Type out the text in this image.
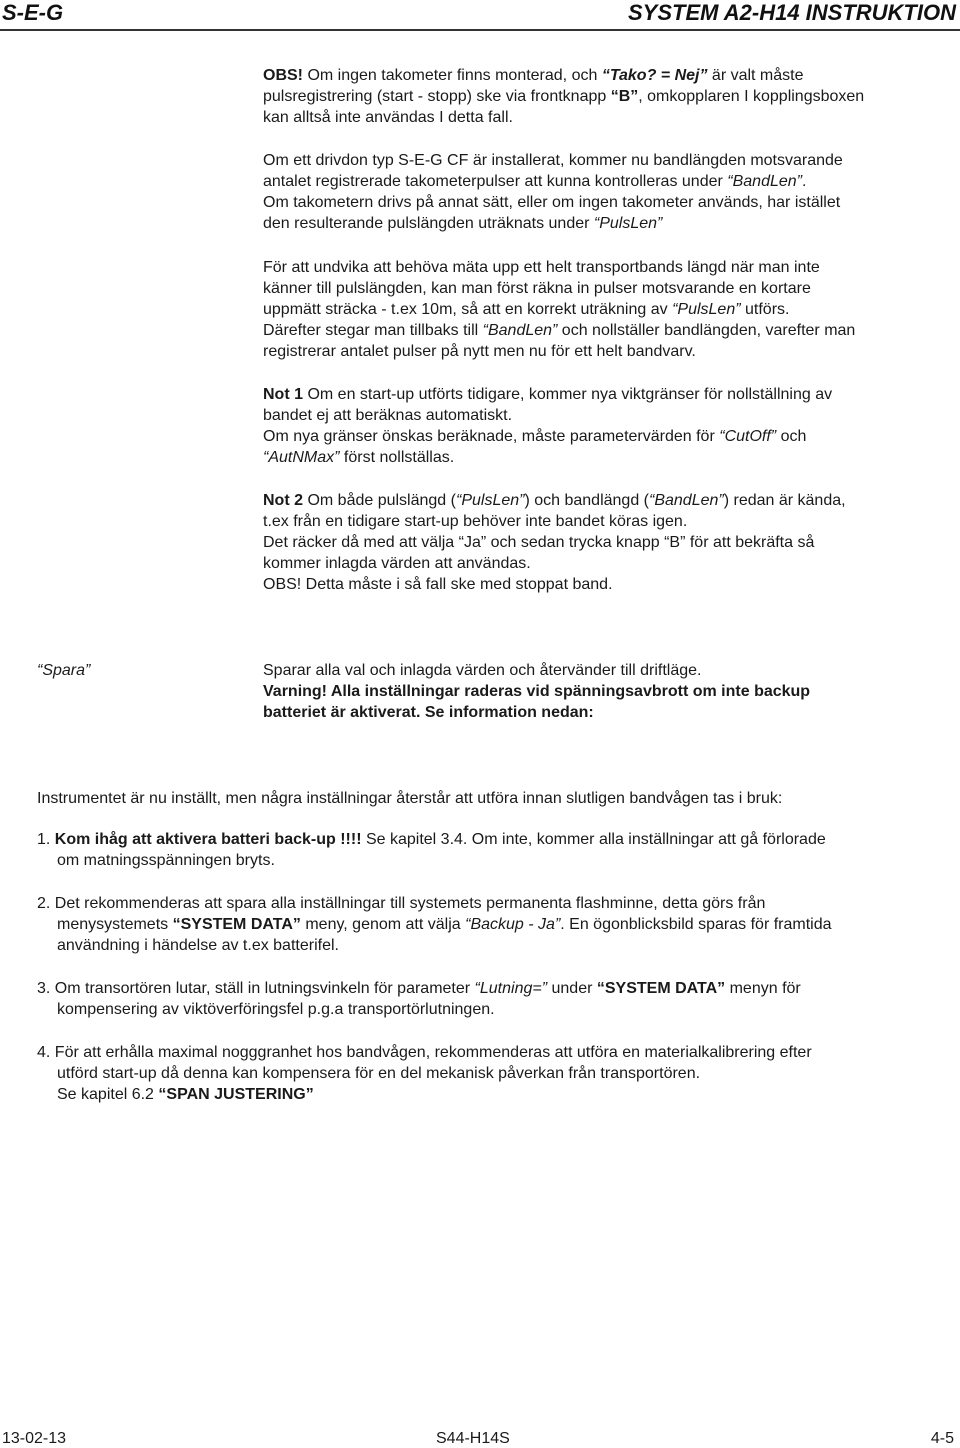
S-E-G	SYSTEM A2-H14 INSTRUKTION
OBS! Om ingen takometer finns monterad, och “Tako? = Nej” är valt måste
pulsregistrering (start - stopp) ske via frontknapp “B”, omkopplaren I kopplingsboxen
kan alltså inte användas I detta fall.
Om ett drivdon typ S-E-G CF är installerat, kommer nu bandlängden motsvarande
antalet registrerade takometerpulser att kunna kontrolleras under “BandLen”.
Om takometern drivs på annat sätt, eller om ingen takometer används, har istället
den resulterande pulslängden uträknats under “PulsLen”
För att undvika att behöva mäta upp ett helt transportbands längd när man inte
känner till pulslängden, kan man först räkna in pulser motsvarande en kortare
uppmätt sträcka - t.ex 10m, så att en korrekt uträkning av “PulsLen” utförs.
Därefter stegar man tillbaks till “BandLen” och nollställer bandlängden, varefter man
registrerar antalet pulser på nytt men nu för ett helt bandvarv.
Not 1 Om en start-up utförts tidigare, kommer nya viktgränser för nollställning av
bandet ej att beräknas automatiskt.
Om nya gränser önskas beräknade, måste parametervärden för “CutOff” och
“AutNMax” först nollställas.
Not 2 Om både pulslängd (“PulsLen”) och bandlängd (“BandLen”) redan är kända,
t.ex från en tidigare start-up behöver inte bandet köras igen.
Det räcker då med att välja “Ja” och sedan trycka knapp “B” för att bekräfta så
kommer inlagda värden att användas.
OBS! Detta måste i så fall ske med stoppat band.
“Spara”	Sparar alla val och inlagda värden och återvänder till driftläge.
Varning! Alla inställningar raderas vid spänningsavbrott om inte backup
batteriet är aktiverat. Se information nedan:
Instrumentet är nu inställt, men några inställningar återstår att utföra innan slutligen bandvågen tas i bruk:
1. Kom ihåg att aktivera batteri back-up !!!! Se kapitel 3.4. Om inte, kommer alla inställningar att gå förlorade
om matningsspänningen bryts.
2. Det rekommenderas att spara alla inställningar till systemets permanenta flashminne, detta görs från
menysystemets “SYSTEM DATA” meny, genom att välja “Backup - Ja”. En ögonblicksbild sparas för framtida
användning i händelse av t.ex batterifel.
3. Om transortören lutar, ställ in lutningsvinkeln för parameter “Lutning=” under “SYSTEM DATA” menyn för
kompensering av viktöverföringsfel p.g.a transportörlutningen.
4. För att erhålla maximal nogggranhet hos bandvågen, rekommenderas att utföra en materialkalibrering efter
utförd start-up då denna kan kompensera för en del mekanisk påverkan från transportören.
Se kapitel 6.2 “SPAN JUSTERING”
13-02-13	S44-H14S	4-5
